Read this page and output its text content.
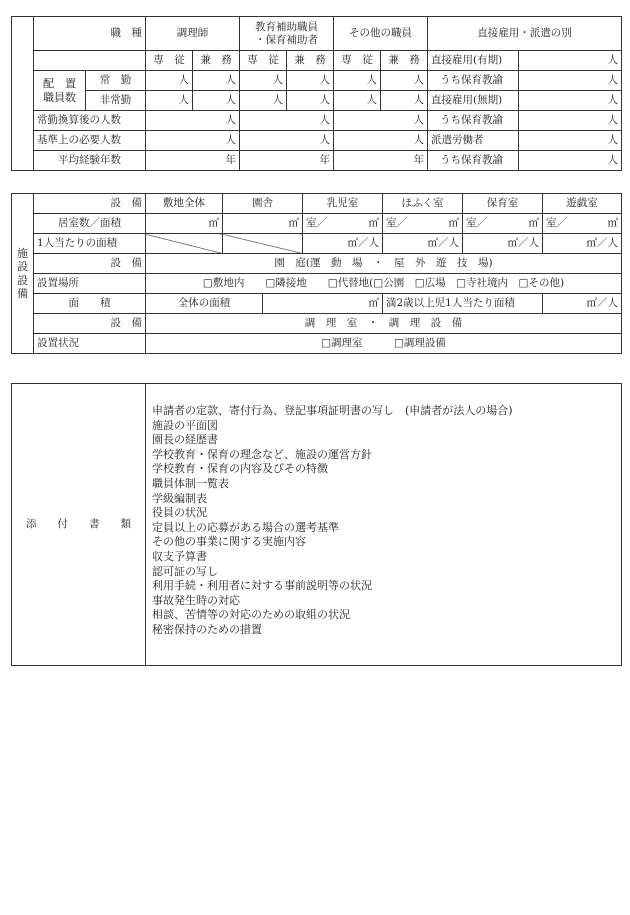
	職　種		調理師		教育補助職員
・保育補助者		その他の職員		直接雇用・派遣の別	
			専　従	兼　務	専　従	兼　務	専　従	兼　務	直接雇用(有期)	人
	配　置
職員数	常　勤	人	人	人	人	人	人	うち保育教諭	人
		非常勤	人	人	人	人	人	人	直接雇用(無期)	人
	常勤換算後の人数		人		人		人		うち保育教諭	人
	基準上の必要人数		人		人		人		派遣労働者	人
	平均経験年数		年		年		年		うち保育教諭	人
施
設
設
備	設　備	敷地全体	園舎		乳児室	ほふく室	保育室	遊戯室
	居室数／面積	㎡	㎡		室／ ㎡	室／ ㎡	室／ ㎡	室／ ㎡

	1人当たりの面積				㎡／人	㎡／人	㎡／人	㎡／人
	設　備	園　庭(運　動　場　・　屋　外　遊　技　場)						
	設置場所	□敷地内　　□隣接地　　□代替地(□公園　□広場　□寺社境内　□その他)						
	面　　積	全体の面積		㎡		満2歳以上児1人当たり面積		㎡／人
	設　備	調　理　室　・　調　理　設　備						
	設置状況	□調理室　　　□調理設備						
添　　付　　書　　類	
申請者の定款、寄付行為、登記事項証明書の写し　(申請者が法人の場合)
施設の平面図
園長の経歴書
学校教育・保育の理念など、施設の運営方針
学校教育・保育の内容及びその特徴
職員体制一覧表
学級編制表
役員の状況
定員以上の応募がある場合の選考基準
その他の事業に関する実施内容
収支予算書
認可証の写し
利用手続・利用者に対する事前説明等の状況
事故発生時の対応
相談、苦情等の対応のための取組の状況
秘密保持のための措置
